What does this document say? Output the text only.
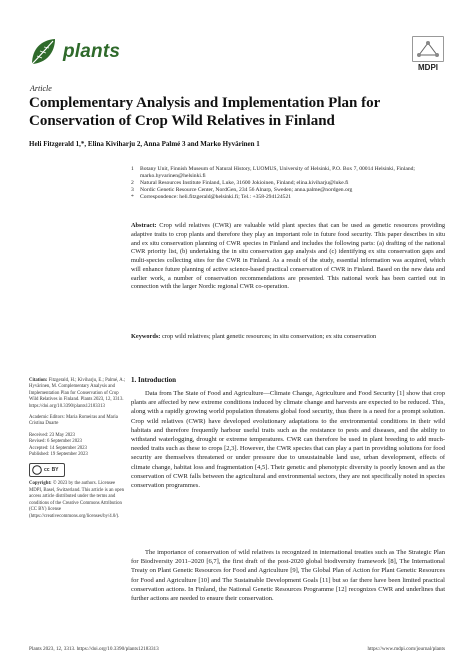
plants
MDPI
Article
Complementary Analysis and Implementation Plan for Conservation of Crop Wild Relatives in Finland
Heli Fitzgerald 1,*, Elina Kiviharju 2, Anna Palmé 3 and Marko Hyvärinen 1
1	Botany Unit, Finnish Museum of Natural History, LUOMUS, University of Helsinki, P.O. Box 7, 00014 Helsinki, Finland; marko.hyvarinen@helsinki.fi
2	Natural Resources Institute Finland, Luke, 31600 Jokioinen, Finland; elina.kiviharju@luke.fi
3	Nordic Genetic Resource Center, NordGen, 234 56 Alnarp, Sweden; anna.palme@nordgen.org
*	Correspondence: heli.fitzgerald@helsinki.fi; Tel.: +358-294124521
Abstract: Crop wild relatives (CWR) are valuable wild plant species that can be used as genetic resources providing adaptive traits to crop plants and therefore they play an important role in future food security. This paper describes in situ and ex situ conservation planning of CWR species in Finland and includes the following parts: (a) drafting of the national CWR priority list, (b) undertaking the in situ conservation gap analysis and (c) identifying ex situ conservation gaps and multi-species collecting sites for the CWR in Finland. As a result of the study, essential information was acquired, which will enhance future planning of active science-based practical conservation of CWR in Finland. Based on the new data and earlier work, a number of conservation recommendations are presented. This national work has been carried out in connection with the larger Nordic regional CWR co-operation.
Keywords: crop wild relatives; plant genetic resources; in situ conservation; ex situ conservation
Citation: Fitzgerald, H.; Kiviharju, E.; Palmé, A.; Hyvärinen, M. Complementary Analysis and Implementation Plan for Conservation of Crop Wild Relatives in Finland. Plants 2023, 12, 3313. https://doi.org/10.3390/plants12183313
Academic Editors: Maria Romeiras and Maria Cristina Duarte
Received: 23 May 2023
Revised: 6 September 2023
Accepted: 14 September 2023
Published: 19 September 2023
cc BY
Copyright: © 2023 by the authors. Licensee MDPI, Basel, Switzerland. This article is an open access article distributed under the terms and conditions of the Creative Commons Attribution (CC BY) license (https://creativecommons.org/licenses/by/4.0/).
1. Introduction

Data from The State of Food and Agriculture—Climate Change, Agriculture and Food Security [1] show that crop plants are affected by new extreme conditions induced by climate change and harvests are expected to be reduced. This, along with a rapidly growing world population threatens global food security, thus there is a need for a prompt solution. Crop wild relatives (CWR) have developed evolutionary adaptations to the environmental conditions in their wild habitats and therefore frequently harbour useful traits such as the resistance to pests and diseases, and the ability to withstand waterlogging, drought or extreme temperatures. CWR can therefore be used in plant breeding to add much-needed traits such as these to crops [2,3]. However, the CWR species that can play a part in providing solutions for food security are themselves threatened or under pressure due to unsustainable land use, urban development, effects of climate change, habitat loss and fragmentation [4,5]. Their genetic and phenotypic diversity is poorly known and as the conservation of CWR falls between the agricultural and environmental sectors, they are not specifically noted in species conservation programmes.

The importance of conservation of wild relatives is recognized in international treaties such as The Strategic Plan for Biodiversity 2011–2020 [6,7], the first draft of the post-2020 global biodiversity framework [8], The International Treaty on Plant Genetic Resources for Food and Agriculture [9], The Global Plan of Action for Plant Genetic Resources for Food and Agriculture [10] and The Sustainable Development Goals [11] but so far there have been limited practical conservation actions. In Finland, the National Genetic Resources Programme [12] recognizes CWR and underlines that further actions are needed to ensure their conservation.

Plants 2023, 12, 3313. https://doi.org/10.3390/plants12183313	https://www.mdpi.com/journal/plants
